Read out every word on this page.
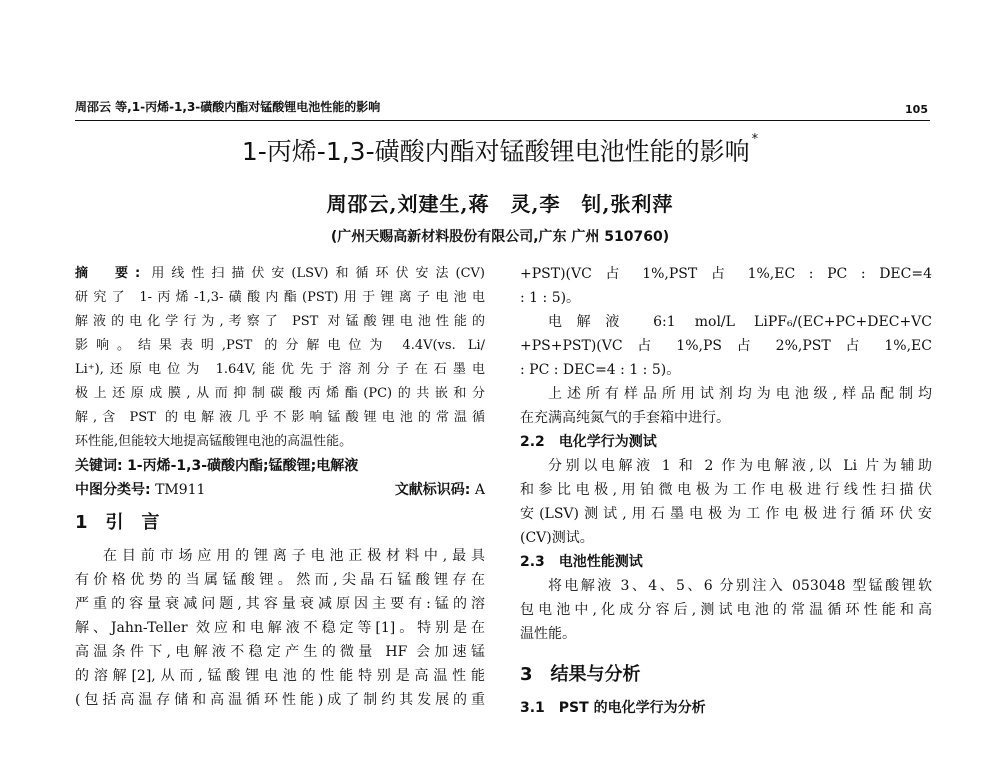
周邵云 等,1-丙烯-1,3-磺酸内酯对锰酸锂电池性能的影响	105
1-丙烯-1,3-磺酸内酯对锰酸锂电池性能的影响 *
周邵云,刘建生,蒋　灵,李　钊,张利萍
(广州天赐高新材料股份有限公司,广东 广州 510760)
摘　要: 用线性扫描伏安(LSV)和循环伏安法(CV)
研究了 1-丙烯-1,3-磺酸内酯(PST)用于锂离子电池电
解液的电化学行为,考察了 PST 对锰酸锂电池性能的
影响。结果表明,PST 的分解电位为 4.4V(vs. Li/
Li⁺),还原电位为 1.64V,能优先于溶剂分子在石墨电
极上还原成膜,从而抑制碳酸丙烯酯(PC)的共嵌和分
解,含 PST 的电解液几乎不影响锰酸锂电池的常温循
环性能,但能较大地提高锰酸锂电池的高温性能。
关键词: 1-丙烯-1,3-磺酸内酯;锰酸锂;电解液
中图分类号: TM911	文献标识码: A
1　引　言
在目前市场应用的锂离子电池正极材料中,最具
有价格优势的当属锰酸锂。然而,尖晶石锰酸锂存在
严重的容量衰减问题,其容量衰减原因主要有:锰的溶
解、Jahn-Teller 效应和电解液不稳定等[1]。特别是在
高温条件下,电解液不稳定产生的微量 HF 会加速锰
的溶解[2],从而,锰酸锂电池的性能特别是高温性能
(包括高温存储和高温循环性能)成了制约其发展的重
+PST)(VC 占 1%,PST 占 1%,EC : PC : DEC=4
: 1 : 5)。
电解液 6:1 mol/L LiPF₆/(EC+PC+DEC+VC
+PS+PST)(VC 占 1%,PS 占 2%,PST 占 1%,EC
: PC : DEC=4 : 1 : 5)。
上述所有样品所用试剂均为电池级,样品配制均
在充满高纯氮气的手套箱中进行。
2.2　电化学行为测试
分别以电解液 1 和 2 作为电解液,以 Li 片为辅助
和参比电极,用铂微电极为工作电极进行线性扫描伏
安(LSV)测试,用石墨电极为工作电极进行循环伏安
(CV)测试。
2.3　电池性能测试
将电解液 3、4、5、6 分别注入 053048 型锰酸锂软
包电池中,化成分容后,测试电池的常温循环性能和高
温性能。
3　结果与分析
3.1　PST 的电化学行为分析
